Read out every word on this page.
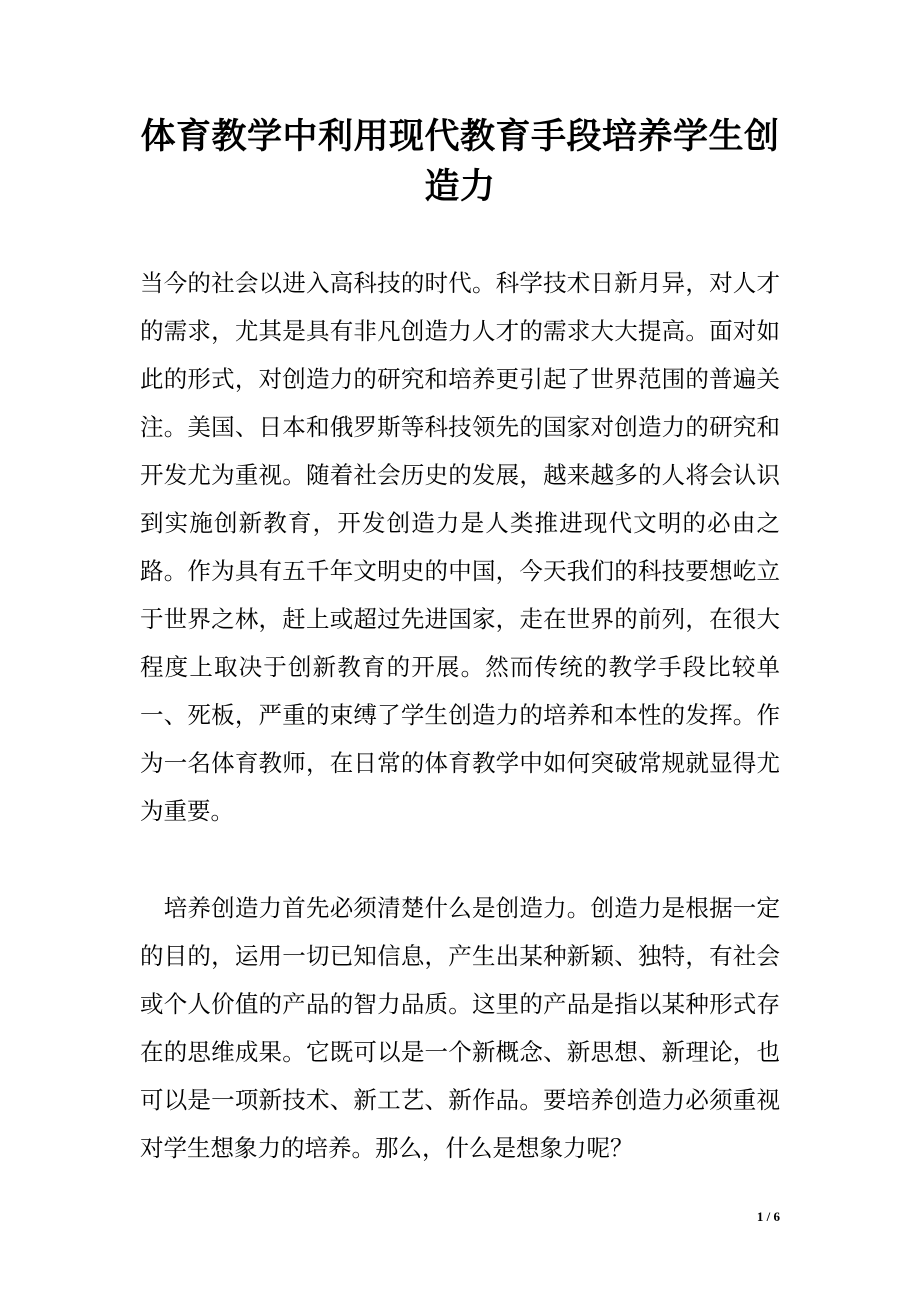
体育教学中利用现代教育手段培养学生创造力

当今的社会以进入高科技的时代。科学技术日新月异，对人才的需求，尤其是具有非凡创造力人才的需求大大提高。面对如此的形式，对创造力的研究和培养更引起了世界范围的普遍关注。美国、日本和俄罗斯等科技领先的国家对创造力的研究和开发尤为重视。随着社会历史的发展，越来越多的人将会认识到实施创新教育，开发创造力是人类推进现代文明的必由之路。作为具有五千年文明史的中国，今天我们的科技要想屹立于世界之林，赶上或超过先进国家，走在世界的前列，在很大程度上取决于创新教育的开展。然而传统的教学手段比较单一、死板，严重的束缚了学生创造力的培养和本性的发挥。作为一名体育教师，在日常的体育教学中如何突破常规就显得尤为重要。

　培养创造力首先必须清楚什么是创造力。创造力是根据一定的目的，运用一切已知信息，产生出某种新颖、独特，有社会或个人价值的产品的智力品质。这里的产品是指以某种形式存在的思维成果。它既可以是一个新概念、新思想、新理论，也可以是一项新技术、新工艺、新作品。要培养创造力必须重视对学生想象力的培养。那么，什么是想象力呢？

1 / 6
